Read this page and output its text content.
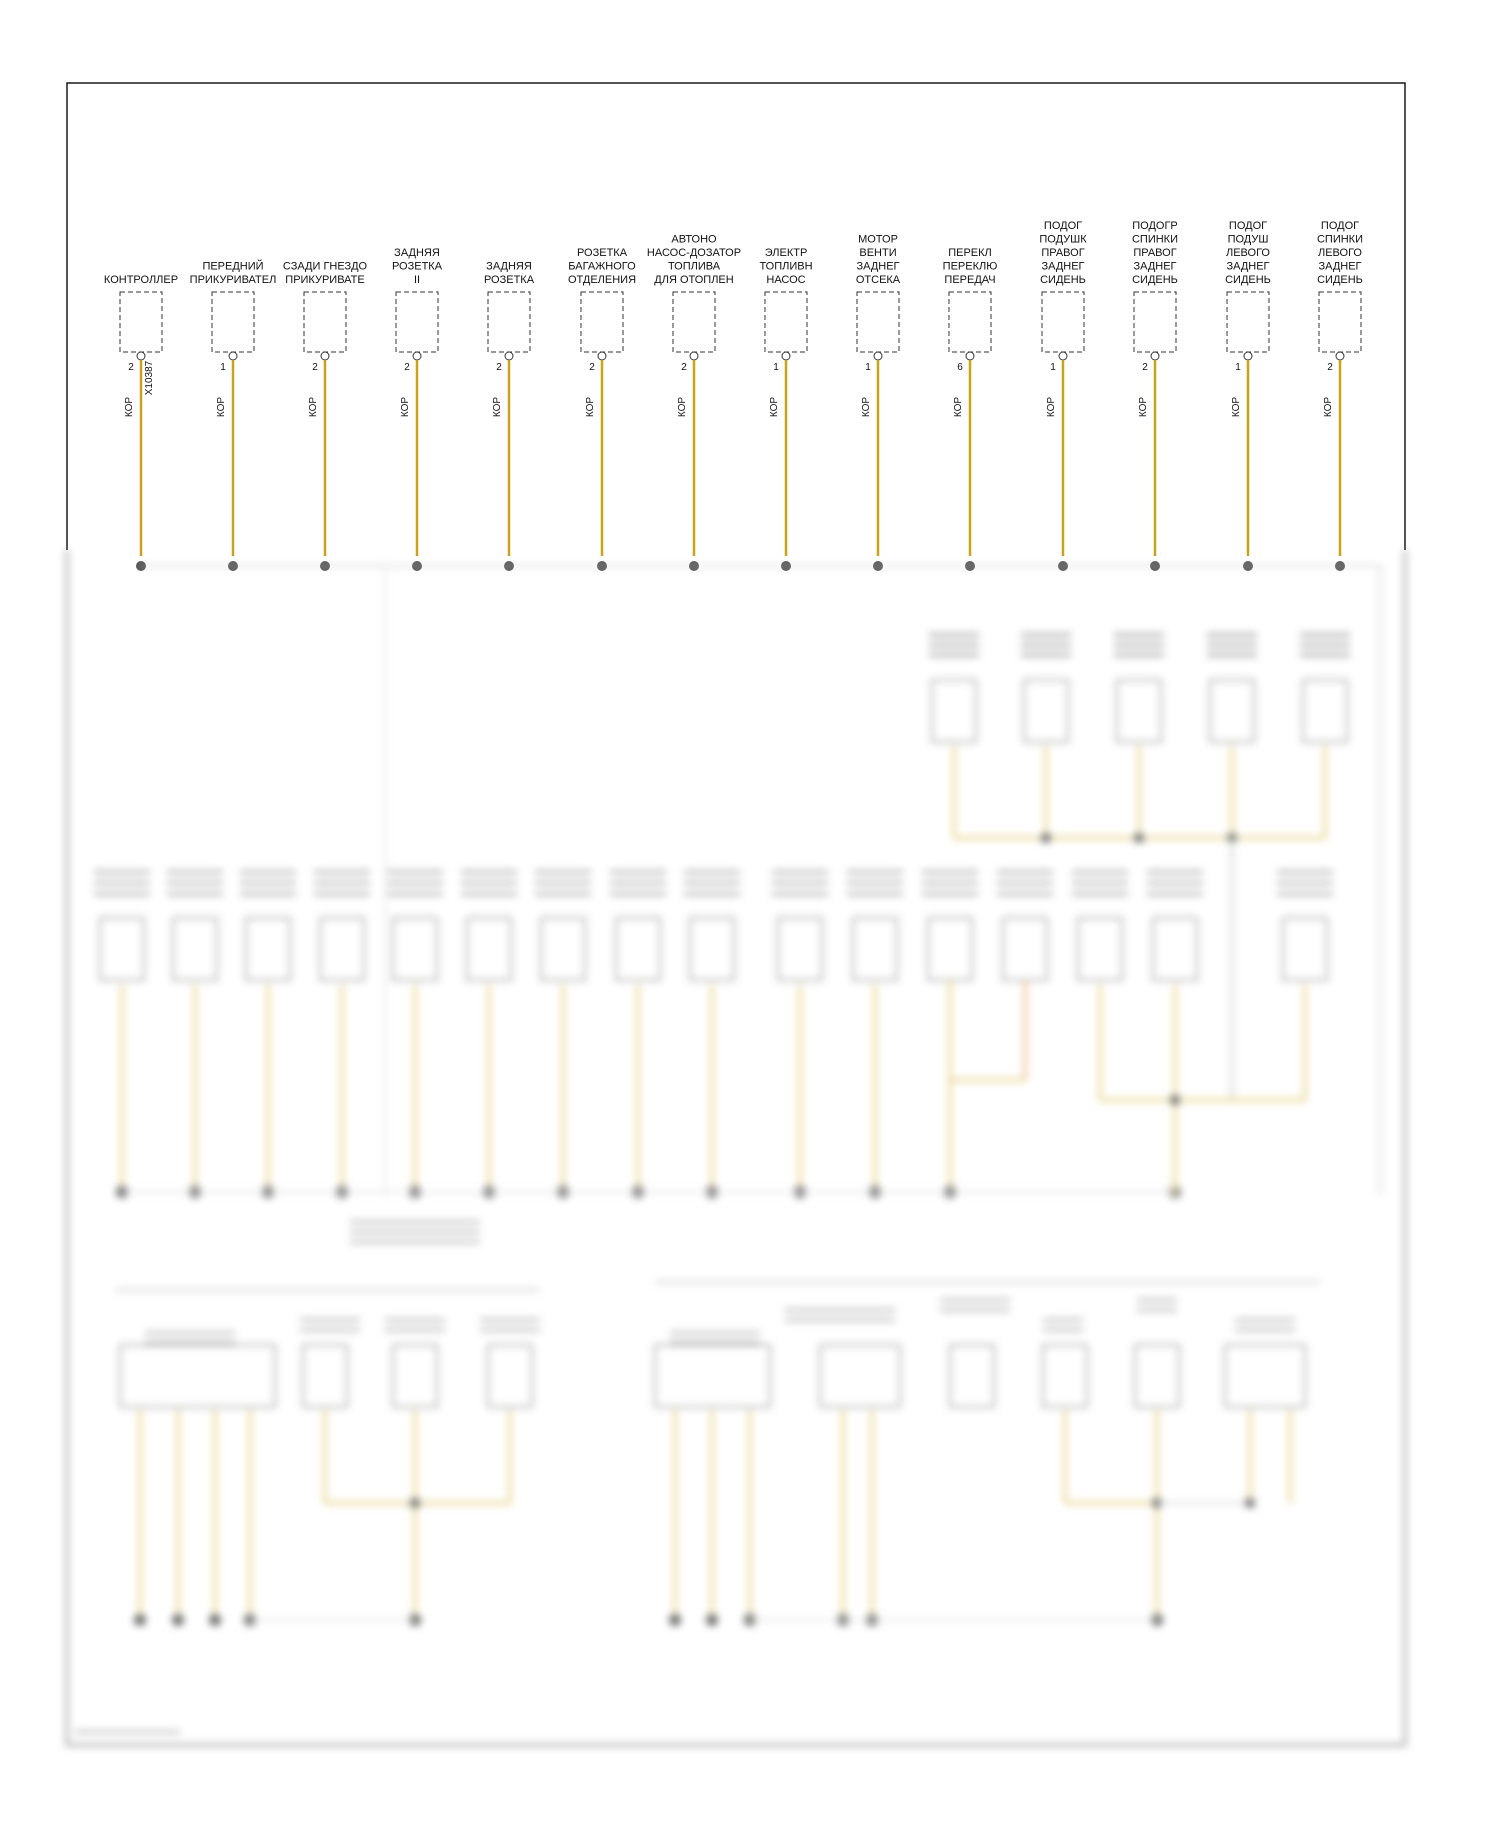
КОНТРОЛЛЕР
2
КОР
ПЕРЕДНИЙ
ПРИКУРИВАТЕЛ
1
КОР
СЗАДИ ГНЕЗДО
ПРИКУРИВАТЕ
2
КОР
ЗАДНЯЯ
РОЗЕТКА
II
2
КОР
ЗАДНЯЯ
РОЗЕТКА
2
КОР
РОЗЕТКА
БАГАЖНОГО
ОТДЕЛЕНИЯ
2
КОР
АВТОНО
НАСОС-ДОЗАТОР
ТОПЛИВА
ДЛЯ ОТОПЛЕН
2
КОР
ЭЛЕКТР
ТОПЛИВН
НАСОС
1
КОР
МОТОР
ВЕНТИ
ЗАДНЕГ
ОТСЕКА
1
КОР
ПЕРЕКЛ
ПЕРЕКЛЮ
ПЕРЕДАЧ
6
КОР
ПОДОГ
ПОДУШК
ПРАВОГ
ЗАДНЕГ
СИДЕНЬ
1
КОР
ПОДОГР
СПИНКИ
ПРАВОГ
ЗАДНЕГ
СИДЕНЬ
2
КОР
ПОДОГ
ПОДУШ
ЛЕВОГО
ЗАДНЕГ
СИДЕНЬ
1
КОР
ПОДОГ
СПИНКИ
ЛЕВОГО
ЗАДНЕГ
СИДЕНЬ
2
КОР
X10387
